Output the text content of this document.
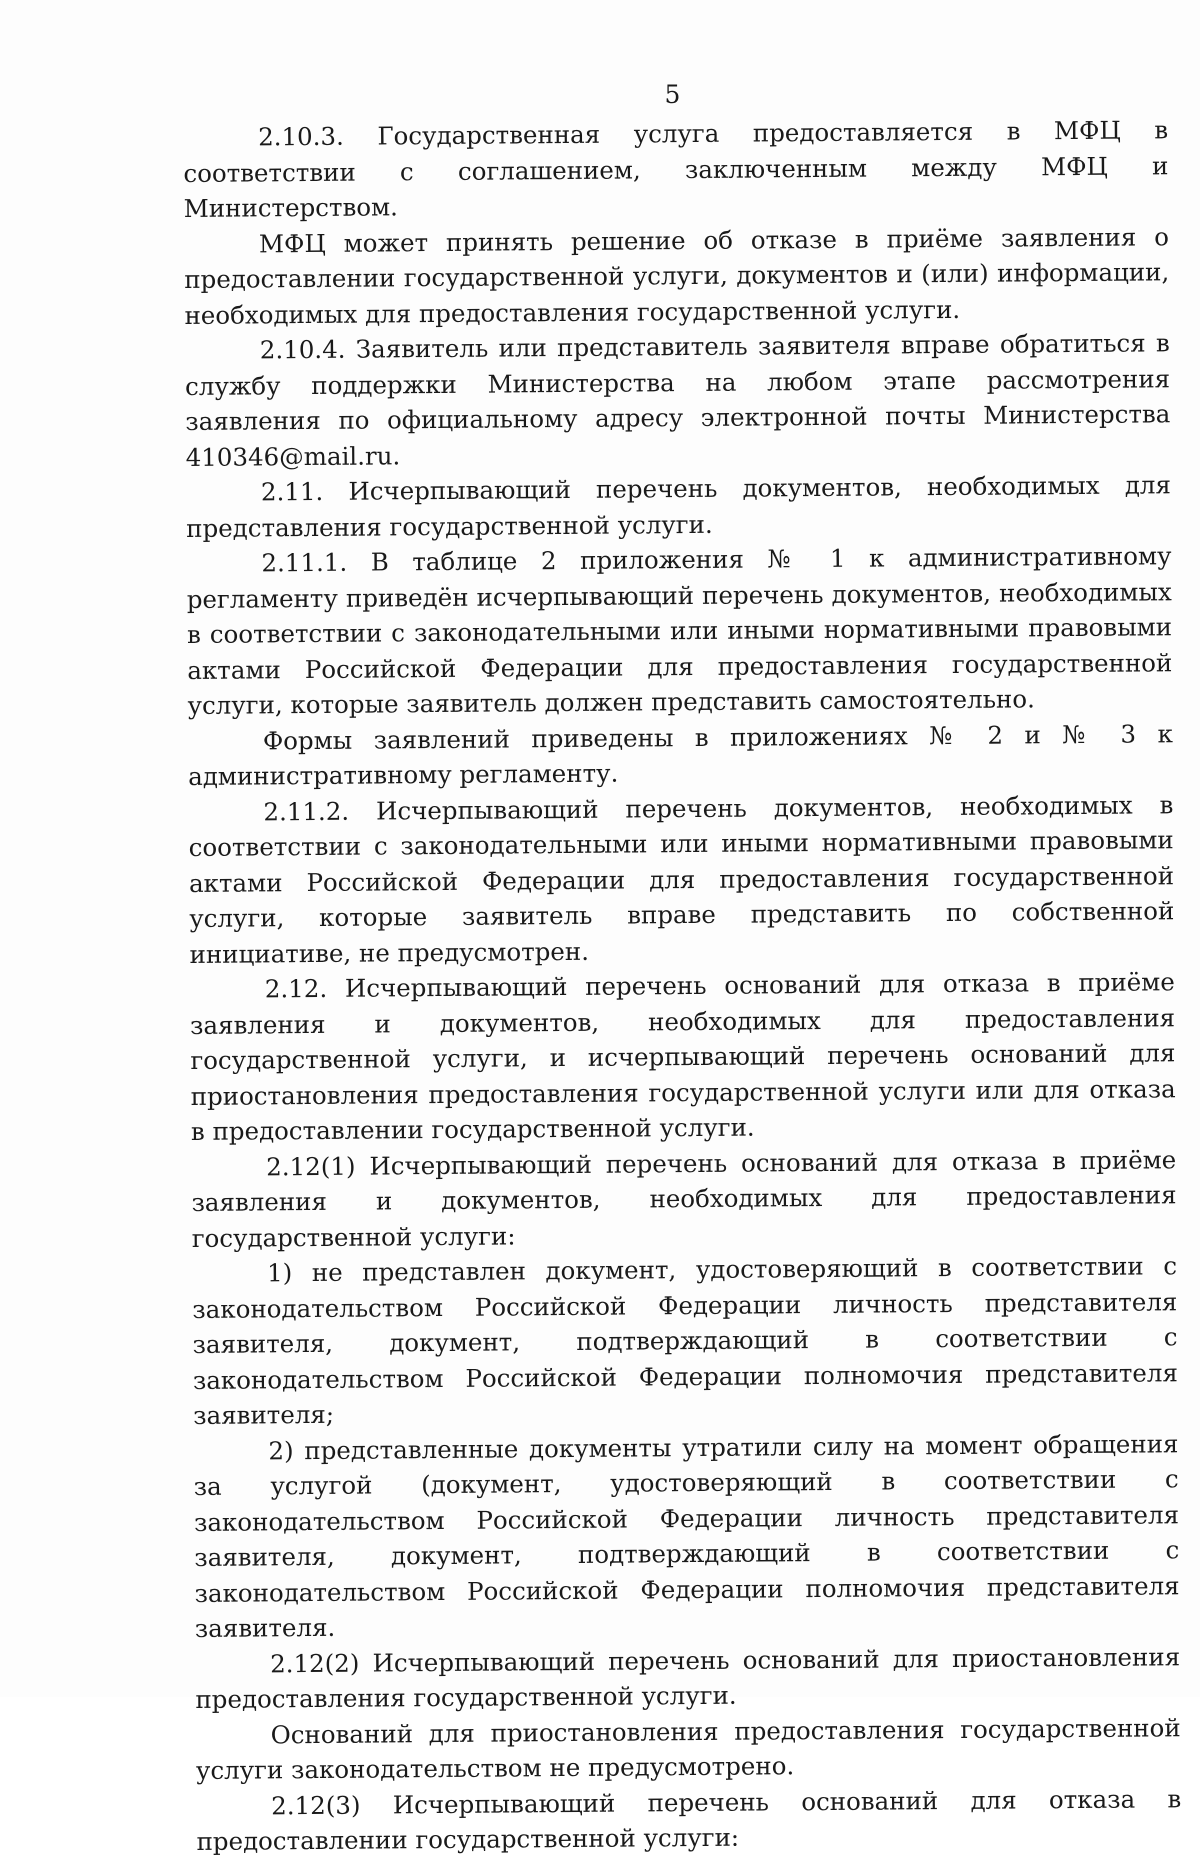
5

2.10.3. Государственная услуга предоставляется в МФЦ в соответствии с соглашением, заключенным между МФЦ и Министерством.

МФЦ может принять решение об отказе в приёме заявления о предоставлении государственной услуги, документов и (или) информации, необходимых для предоставления государственной услуги.

2.10.4. Заявитель или представитель заявителя вправе обратиться в службу поддержки Министерства на любом этапе рассмотрения заявления по официальному адресу электронной почты Министерства 410346@mail.ru.

2.11. Исчерпывающий перечень документов, необходимых для представления государственной услуги.

2.11.1. В таблице 2 приложения № 1 к административному регламенту приведён исчерпывающий перечень документов, необходимых в соответствии с законодательными или иными нормативными правовыми актами Российской Федерации для предоставления государственной услуги, которые заявитель должен представить самостоятельно.

Формы заявлений приведены в приложениях № 2 и № 3 к административному регламенту.

2.11.2. Исчерпывающий перечень документов, необходимых в соответствии с законодательными или иными нормативными правовыми актами Российской Федерации для предоставления государственной услуги, которые заявитель вправе представить по собственной инициативе, не предусмотрен.

2.12. Исчерпывающий перечень оснований для отказа в приёме заявления и документов, необходимых для предоставления государственной услуги, и исчерпывающий перечень оснований для приостановления предоставления государственной услуги или для отказа в предоставлении государственной услуги.

2.12(1) Исчерпывающий перечень оснований для отказа в приёме заявления и документов, необходимых для предоставления государственной услуги:

1) не представлен документ, удостоверяющий в соответствии с законодательством Российской Федерации личность представителя заявителя, документ, подтверждающий в соответствии с законодательством Российской Федерации полномочия представителя заявителя;

2) представленные документы утратили силу на момент обращения за услугой (документ, удостоверяющий в соответствии с законодательством Российской Федерации личность представителя заявителя, документ, подтверждающий в соответствии с законодательством Российской Федерации полномочия представителя заявителя.

2.12(2) Исчерпывающий перечень оснований для приостановления предоставления государственной услуги.

Оснований для приостановления предоставления государственной услуги законодательством не предусмотрено.

2.12(3) Исчерпывающий перечень оснований для отказа в предоставлении государственной услуги:
